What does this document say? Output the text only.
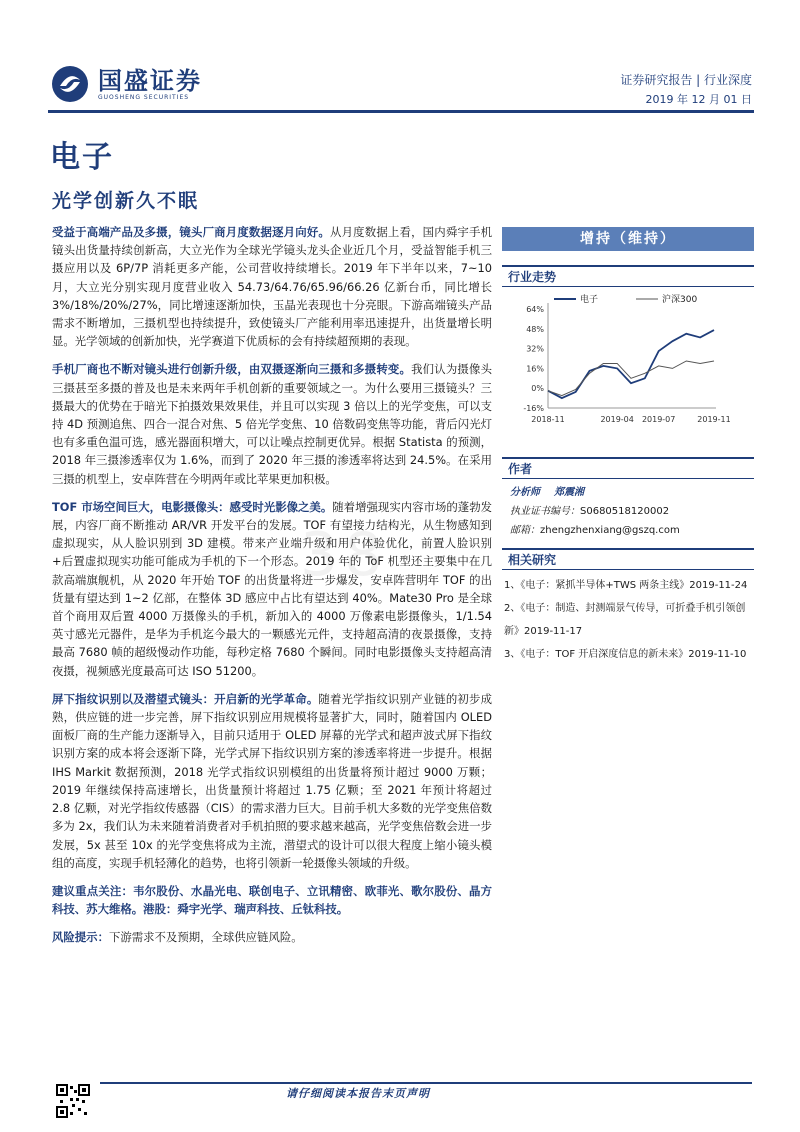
国盛证券
GUOSHENG SECURITIES
证券研究报告 | 行业深度
2019 年 12 月 01 日
电子
光学创新久不眠
38

受益于高端产品及多摄，镜头厂商月度数据逐月向好。从月度数据上看，国内舜宇手机镜头出货量持续创新高，大立光作为全球光学镜头龙头企业近几个月，受益智能手机三摄应用以及 6P/7P 消耗更多产能，公司营收持续增长。2019 年下半年以来，7~10 月，大立光分别实现月度营业收入 54.73/64.76/65.96/66.26 亿新台币，同比增长 3%/18%/20%/27%，同比增速逐渐加快，玉晶光表现也十分亮眼。下游高端镜头产品需求不断增加，三摄机型也持续提升，致使镜头厂产能利用率迅速提升，出货量增长明显。光学领域的创新加快，光学赛道下优质标的会有持续超预期的表现。

手机厂商也不断对镜头进行创新升级，由双摄逐渐向三摄和多摄转变。我们认为摄像头三摄甚至多摄的普及也是未来两年手机创新的重要领域之一。为什么要用三摄镜头？三摄最大的优势在于暗光下拍摄效果效果佳，并且可以实现 3 倍以上的光学变焦，可以支持 4D 预测追焦、四合一混合对焦、5 倍光学变焦、10 倍数码变焦等功能，背后闪光灯也有多重色温可选，感光器面积增大，可以让噪点控制更优异。根据 Statista 的预测，2018 年三摄渗透率仅为 1.6%，而到了 2020 年三摄的渗透率将达到 24.5%。在采用三摄的机型上，安卓阵营在今明两年或比苹果更加积极。

TOF 市场空间巨大，电影摄像头：感受时光影像之美。随着增强现实内容市场的蓬勃发展，内容厂商不断推动 AR/VR 开发平台的发展。TOF 有望接力结构光，从生物感知到虚拟现实，从人脸识别到 3D 建模。带来产业端升级和用户体验优化，前置人脸识别+后置虚拟现实功能可能成为手机的下一个形态。2019 年的 ToF 机型还主要集中在几款高端旗舰机，从 2020 年开始 TOF 的出货量将进一步爆发，安卓阵营明年 TOF 的出货量有望达到 1~2 亿部，在整体 3D 感应中占比有望达到 40%。Mate30 Pro 是全球首个商用双后置 4000 万摄像头的手机，新加入的 4000 万像素电影摄像头，1/1.54 英寸感光元器件，是华为手机迄今最大的一颗感光元件，支持超高清的夜景摄像，支持最高 7680 帧的超级慢动作功能，每秒定格 7680 个瞬间。同时电影摄像头支持超高清夜摄，视频感光度最高可达 ISO 51200。

屏下指纹识别以及潜望式镜头：开启新的光学革命。随着光学指纹识别产业链的初步成熟，供应链的进一步完善，屏下指纹识别应用规模将显著扩大，同时，随着国内 OLED 面板厂商的生产能力逐渐导入，目前只适用于 OLED 屏幕的光学式和超声波式屏下指纹识别方案的成本将会逐渐下降，光学式屏下指纹识别方案的渗透率将进一步提升。根据 IHS Markit 数据预测，2018 光学式指纹识别模组的出货量将预计超过 9000 万颗；2019 年继续保持高速增长，出货量预计将超过 1.75 亿颗；至 2021 年预计将超过 2.8 亿颗，对光学指纹传感器（CIS）的需求潜力巨大。目前手机大多数的光学变焦倍数多为 2x，我们认为未来随着消费者对手机拍照的要求越来越高，光学变焦倍数会进一步发展，5x 甚至 10x 的光学变焦将成为主流，潜望式的设计可以很大程度上缩小镜头模组的高度，实现手机轻薄化的趋势，也将引领新一轮摄像头领域的升级。

建议重点关注：韦尔股份、水晶光电、联创电子、立讯精密、欧菲光、歌尔股份、晶方科技、苏大维格。港股：舜宇光学、瑞声科技、丘钛科技。

风险提示：下游需求不及预期，全球供应链风险。

增持（维持）
行业走势
64%
48%
32%
16%
0%
-16%
2018-11	2019-04 2019-07	2019-11
电子	沪深300
作者
分析师 郑震湘
执业证书编号：S0680518120002
邮箱：zhengzhenxiang@gszq.com
相关研究
1、《电子：紧抓半导体+TWS 两条主线》2019-11-24
2、《电子：制造、封测端景气传导，可折叠手机引领创新》2019-11-17
3、《电子：TOF 开启深度信息的新未来》2019-11-10
请仔细阅读本报告末页声明
